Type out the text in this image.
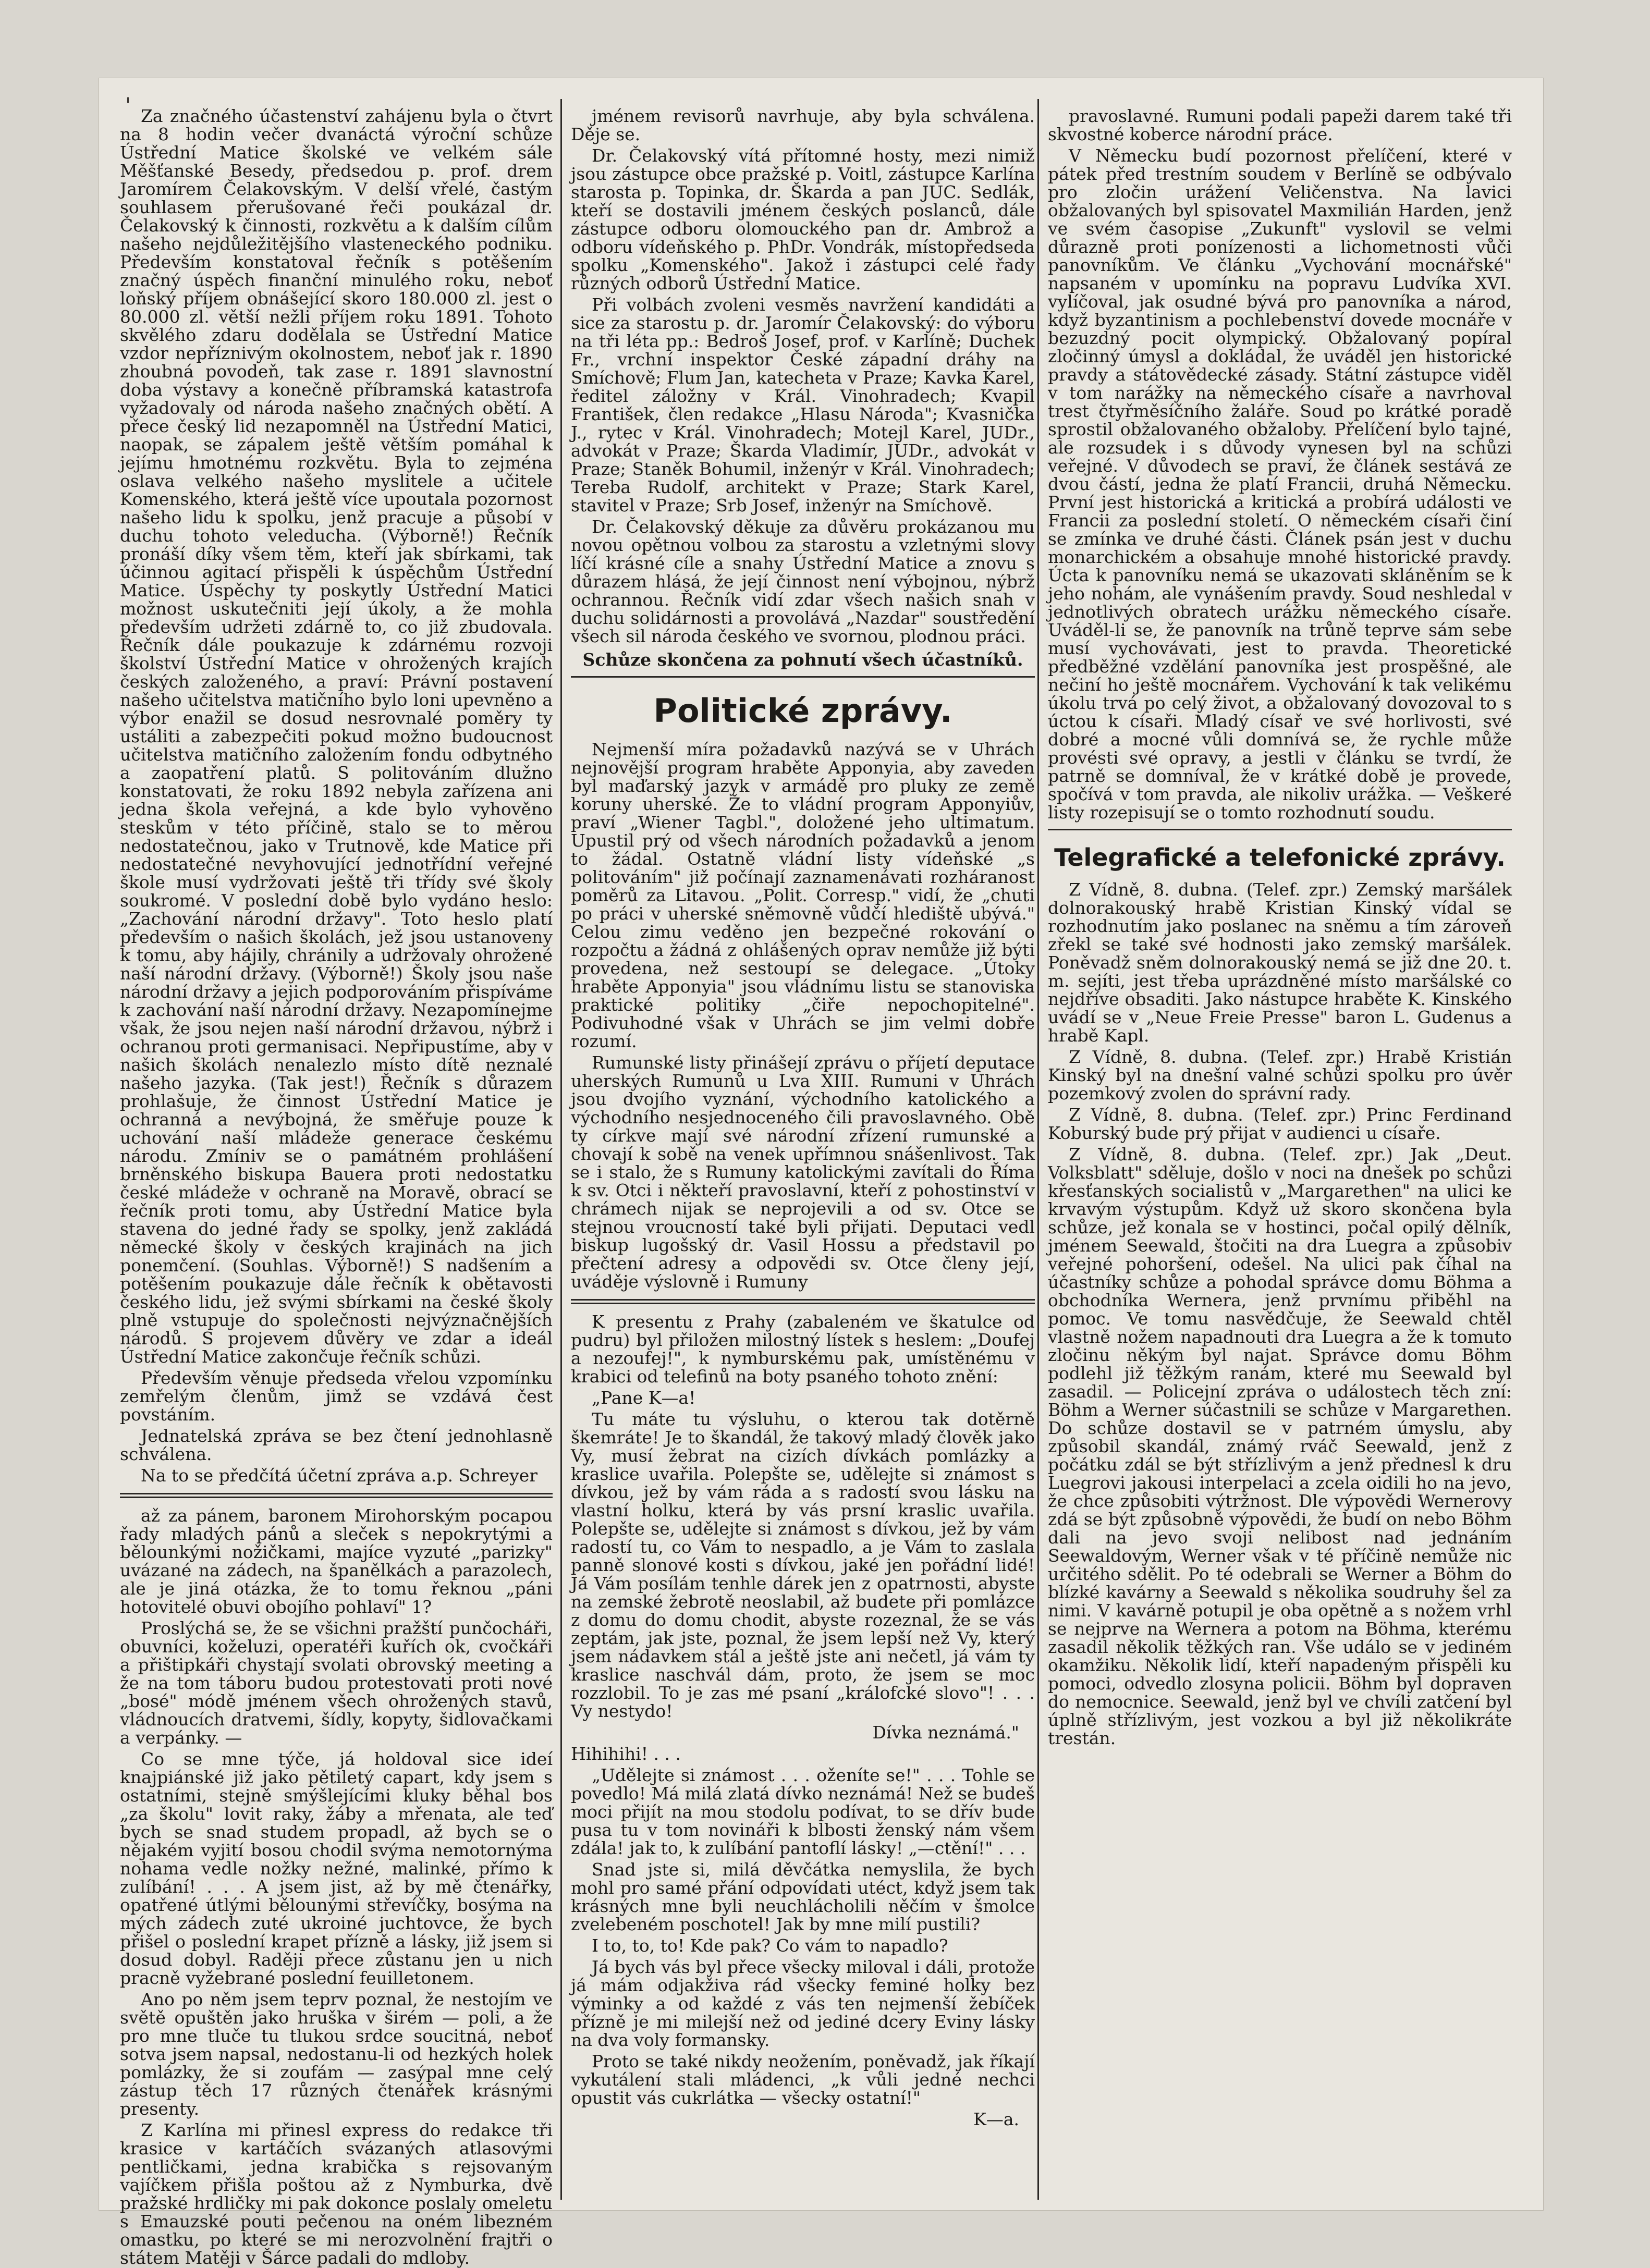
' Za značného účastenství zahájenu byla o čtvrt na 8 hodin večer dvanáctá výroční schůze Ústřední Matice školské ve velkém sále Měšťanské Besedy, předsedou p. prof. drem Jaromírem Čelakovským. V delší vřelé, častým souhlasem přerušované řeči poukázal dr. Čelakovský k činnosti, rozkvětu a k dalším cílům našeho nejdůležitějšího vlasteneckého podniku. Především konstatoval řečník s potěšením značný úspěch finanční minulého roku, neboť loňský příjem obnášející skoro 180.000 zl. jest o 80.000 zl. větší nežli příjem roku 1891. Tohoto skvělého zdaru dodělala se Ústřední Matice vzdor nepříznivým okolnostem, neboť jak r. 1890 zhoubná povodeň, tak zase r. 1891 slavnostní doba výstavy a konečně příbramská katastrofa vyžadovaly od národa našeho značných obětí. A přece český lid nezapomněl na Ústřední Matici, naopak, se zápalem ještě větším pomáhal k jejímu hmotnému rozkvětu. Byla to zejména oslava velkého našeho myslitele a učitele Komenského, která ještě více upoutala pozornost našeho lidu k spolku, jenž pracuje a působí v duchu tohoto veleducha. (Výborně!) Řečník pronáší díky všem těm, kteří jak sbírkami, tak účinnou agitací přispěli k úspěchům Ústřední Matice. Úspěchy ty poskytly Ústřední Matici možnost uskutečniti její úkoly, a že mohla především udržeti zdárně to, co již zbudovala. Řečník dále poukazuje k zdárnému rozvoji školství Ústřední Matice v ohrožených krajích českých založeného, a praví: Právní postavení našeho učitelstva matičního bylo loni upevněno a výbor enažil se dosud nesrovnalé poměry ty ustáliti a zabezpečiti pokud možno budoucnost učitelstva matičního založením fondu odbytného a zaopatření platů. S politováním dlužno konstatovati, že roku 1892 nebyla zařízena ani jedna škola veřejná, a kde bylo vyhověno steskům v této příčině, stalo se to měrou nedostatečnou, jako v Trutnově, kde Matice při nedostatečné nevyhovující jednotřídní veřejné škole musí vydržovati ještě tři třídy své školy soukromé. V poslední době bylo vydáno heslo: „Zachování národní državy". Toto heslo platí především o našich školách, jež jsou ustanoveny k tomu, aby hájily, chránily a udržovaly ohrožené naší národní državy. (Výborně!) Školy jsou naše národní državy a jejich podporováním přispíváme k zachování naší národní državy. Nezapomínejme však, že jsou nejen naší národní državou, nýbrž i ochranou proti germanisaci. Nepřipustíme, aby v našich školách nenalezlo místo dítě neznalé našeho jazyka. (Tak jest!) Řečník s důrazem prohlašuje, že činnost Ústřední Matice je ochranná a nevýbojná, že směřuje pouze k uchování naší mládeže generace českému národu. Zmíniv se o památném prohlášení brněnského biskupa Bauera proti nedostatku české mládeže v ochraně na Moravě, obrací se řečník proti tomu, aby Ústřední Matice byla stavena do jedné řady se spolky, jenž zakládá německé školy v českých krajinách na jich ponemčení. (Souhlas. Výborně!) S nadšením a potěšením poukazuje dále řečník k obětavosti českého lidu, jež svými sbírkami na české školy plně vstupuje do společnosti nejvýznačnějších národů. S projevem důvěry ve zdar a ideál Ústřední Matice zakončuje řečník schůzi.

Především věnuje předseda vřelou vzpomínku zemřelým členům, jimž se vzdává čest povstáním.

Jednatelská zpráva se bez čtení jednohlasně schválena.

Na to se předčítá účetní zpráva a.p. Schreyer

až za pánem, baronem Mirohorským pocapou řady mladých pánů a sleček s nepokrytými a bělounkými nožičkami, majíce vyzuté „parizky" uvázané na zádech, na španělkách a parazolech, ale je jiná otázka, že to tomu řeknou „páni hotovitelé obuvi obojího pohlaví" 1?

Proslýchá se, že se všichni pražští punčocháři, obuvníci, koželuzi, operatéři kuřích ok, cvočkáři a přištipkáři chystají svolati obrovský meeting a že na tom táboru budou protestovati proti nové „bosé" módě jménem všech ohrožených stavů, vládnoucích dratvemi, šídly, kopyty, šidlovačkami a verpánky. —

Co se mne týče, já holdoval sice ideí knajpiánské již jako pětiletý capart, kdy jsem s ostatními, stejně smýšlejícími kluky běhal bos „za školu" lovit raky, žáby a mřenata, ale teď bych se snad studem propadl, až bych se o nějakém vyjití bosou chodil svýma nemotornýma nohama vedle nožky nežné, malinké, přímo k zulíbání! . . . A jsem jist, až by mě čtenářky, opatřené útlými bělounými střevíčky, bosýma na mých zádech zuté ukroiné juchtovce, že bych přišel o poslední krapet přízně a lásky, již jsem si dosud dobyl. Raději přece zůstanu jen u nich pracně vyžebrané poslední feuilletonem.

Ano po něm jsem teprv poznal, že nestojím ve světě opuštěn jako hruška v širém — poli, a že pro mne tluče tu tlukou srdce soucitná, neboť sotva jsem napsal, nedostanu-li od hezkých holek pomlázky, že si zoufám — zasýpal mne celý zástup těch 17 různých čtenářek krásnými presenty.

Z Karlína mi přinesl express do redakce tři krasice v kartáčích svázaných atlasovými pentličkami, jedna krabička s rejsovaným vajíčkem přišla poštou až z Nymburka, dvě pražské hrdličky mi pak dokonce poslaly omeletu s Emauzské pouti pečenou na oném libezném omastku, po které se mi nerozvolnění frajtři o státem Matěji v Šárce padali do mdloby.

jménem revisorů navrhuje, aby byla schválena. Děje se.

Dr. Čelakovský vítá přítomné hosty, mezi nimiž jsou zástupce obce pražské p. Voitl, zástupce Karlína starosta p. Topinka, dr. Škarda a pan JUC. Sedlák, kteří se dostavili jménem českých poslanců, dále zástupce odboru olomouckého pan dr. Ambrož a odboru vídeňského p. PhDr. Vondrák, místopředseda spolku „Komenského". Jakož i zástupci celé řady různých odborů Ústřední Matice.

Při volbách zvoleni vesměs navržení kandidáti a sice za starostu p. dr. Jaromír Čelakovský: do výboru na tři léta pp.: Bedroš Josef, prof. v Karlíně; Duchek Fr., vrchní inspektor České západní dráhy na Smíchově; Flum Jan, katecheta v Praze; Kavka Karel, ředitel záložny v Král. Vinohradech; Kvapil František, člen redakce „Hlasu Národa"; Kvasnička J., rytec v Král. Vinohradech; Motejl Karel, JUDr., advokát v Praze; Škarda Vladimír, JUDr., advokát v Praze; Staněk Bohumil, inženýr v Král. Vinohradech; Tereba Rudolf, architekt v Praze; Stark Karel, stavitel v Praze; Srb Josef, inženýr na Smíchově.

Dr. Čelakovský děkuje za důvěru prokázanou mu novou opětnou volbou za starostu a vzletnými slovy líčí krásné cíle a snahy Ústřední Matice a znovu s důrazem hlásá, že její činnost není výbojnou, nýbrž ochrannou. Řečník vidí zdar všech našich snah v duchu solidárnosti a provolává „Nazdar" soustředění všech sil národa českého ve svornou, plodnou práci.

Schůze skončena za pohnutí všech účastníků.

Politické zprávy.

Nejmenší míra požadavků nazývá se v Uhrách nejnovější program hraběte Apponyia, aby zaveden byl maďarský jazyk v armádě pro pluky ze země koruny uherské. Že to vládní program Apponyiův, praví „Wiener Tagbl.", doložené jeho ultimatum. Upustil prý od všech národních požadavků a jenom to žádal. Ostatně vládní listy vídeňské „s politováním" již počínají zaznamenávati rozháranost poměrů za Litavou. „Polit. Corresp." vidí, že „chuti po práci v uherské sněmovně vůdčí hlediště ubývá." Celou zimu veděno jen bezpečné rokování o rozpočtu a žádná z ohlášených oprav nemůže již býti provedena, než sestoupí se delegace. „Útoky hraběte Apponyia" jsou vládnímu listu se stanoviska praktické politiky „čiře nepochopitelné". Podivuhodné však v Uhrách se jim velmi dobře rozumí.

Rumunské listy přinášejí zprávu o příjetí deputace uherských Rumunů u Lva XIII. Rumuni v Uhrách jsou dvojího vyznání, východního katolického a východního nesjednoceného čili pravoslavného. Obě ty církve mají své národní zřízení rumunské a chovají k sobě na venek upřímnou snášenlivost. Tak se i stalo, že s Rumuny katolickými zavítali do Říma k sv. Otci i někteří pravoslavní, kteří z pohostinství v chrámech nijak se neprojevili a od sv. Otce se stejnou vroucností také byli přijati. Deputaci vedl biskup lugošský dr. Vasil Hossu a představil po přečtení adresy a odpovědi sv. Otce členy její, uváděje výslovně i Rumuny

K presentu z Prahy (zabaleném ve škatulce od pudru) byl přiložen milostný lístek s heslem: „Doufej a nezoufej!", k nymburskému pak, umístěnému v krabici od telefinů na boty psaného tohoto znění:

„Pane K—a!

Tu máte tu výsluhu, o kterou tak dotěrně škemráte! Je to škandál, že takový mladý člověk jako Vy, musí žebrat na cizích dívkách pomlázky a kraslice uvařila. Polepšte se, udělejte si známost s dívkou, jež by vám ráda a s radostí svou lásku na vlastní holku, která by vás prsní kraslic uvařila. Polepšte se, udělejte si známost s dívkou, jež by vám radostí tu, co Vám to nespadlo, a je Vám to zaslala panně slonové kosti s dívkou, jaké jen pořádní lidé! Já Vám posílám tenhle dárek jen z opatrnosti, abyste na zemské žebrotě neoslabil, až budete při pomlázce z domu do domu chodit, abyste rozeznal, že se vás zeptám, jak jste, poznal, že jsem lepší než Vy, který jsem nádavkem stál a ještě jste ani nečetl, já vám ty kraslice naschvál dám, proto, že jsem se moc rozzlobil. To je zas mé psaní „králofcké slovo"! . . . Vy nestydo!

Dívka neznámá."

Hihihihi! . . .

„Udělejte si známost . . . oženíte se!" . . . Tohle se povedlo! Má milá zlatá dívko neznámá! Než se budeš moci přijít na mou stodolu podívat, to se dřív bude pusa tu v tom novináři k blbosti ženský nám všem zdála! jak to, k zulíbání pantoflí lásky! „—ctění!" . . .

Snad jste si, milá děvčátka nemyslila, že bych mohl pro samé přání odpovídati utéct, když jsem tak krásných mne byli neuchlácholili něčím v šmolce zvelebeném poschotel! Jak by mne milí pustili?

I to, to, to! Kde pak? Co vám to napadlo?

Já bych vás byl přece všecky miloval i dáli, protože já mám odjakživa rád všecky feminé holky bez výminky a od každé z vás ten nejmenší žebíček přízně je mi milejší než od jediné dcery Eviny lásky na dva voly formansky.

Proto se také nikdy neožením, poněvadž, jak říkají vykutálení stali mládenci, „k vůli jedné nechci opustit vás cukrlátka — všecky ostatní!"

K—a.

pravoslavné. Rumuni podali papeži darem také tři skvostné koberce národní práce.

V Německu budí pozornost přelíčení, které v pátek před trestním soudem v Berlíně se odbývalo pro zločin urážení Veličenstva. Na lavici obžalovaných byl spisovatel Maxmilián Harden, jenž ve svém časopise „Zukunft" vyslovil se velmi důrazně proti ponízenosti a lichometnosti vůči panovníkům. Ve článku „Vychování mocnářské" napsaném v upomínku na popravu Ludvíka XVI. vylíčoval, jak osudné bývá pro panovníka a národ, když byzantinism a pochlebenství dovede mocnáře v bezuzdný pocit olympický. Obžalovaný popíral zločinný úmysl a dokládal, že uváděl jen historické pravdy a státovědecké zásady. Státní zástupce viděl v tom narážky na německého císaře a navrhoval trest čtyřměsíčního žaláře. Soud po krátké poradě sprostil obžalovaného obžaloby. Přelíčení bylo tajné, ale rozsudek i s důvody vynesen byl na schůzi veřejné. V důvodech se praví, že článek sestává ze dvou částí, jedna že platí Francii, druhá Německu. První jest historická a kritická a probírá události ve Francii za poslední století. O německém císaři činí se zmínka ve druhé části. Článek psán jest v duchu monarchickém a obsahuje mnohé historické pravdy. Úcta k panovníku nemá se ukazovati skláněním se k jeho nohám, ale vynášením pravdy. Soud neshledal v jednotlivých obratech urážku německého císaře. Uváděl-li se, že panovník na trůně teprve sám sebe musí vychovávati, jest to pravda. Theoretické předběžné vzdělání panovníka jest prospěšné, ale nečiní ho ještě mocnářem. Vychování k tak velikému úkolu trvá po celý život, a obžalovaný dovozoval to s úctou k císaři. Mladý císař ve své horlivosti, své dobré a mocné vůli domnívá se, že rychle může provésti své opravy, a jestli v článku se tvrdí, že patrně se domníval, že v krátké době je provede, spočívá v tom pravda, ale nikoliv urážka. — Veškeré listy rozepisují se o tomto rozhodnutí soudu.

Telegrafické a telefonické zprávy.

Z Vídně, 8. dubna. (Telef. zpr.) Zemský maršálek dolnorakouský hrabě Kristian Kinský vídal se rozhodnutím jako poslanec na sněmu a tím zároveň zřekl se také své hodnosti jako zemský maršálek. Poněvadž sněm dolnorakouský nemá se již dne 20. t. m. sejíti, jest třeba uprázdněné místo maršálské co nejdříve obsaditi. Jako nástupce hraběte K. Kinského uvádí se v „Neue Freie Presse" baron L. Gudenus a hrabě Kapl.

Z Vídně, 8. dubna. (Telef. zpr.) Hrabě Kristián Kinský byl na dnešní valné schůzi spolku pro úvěr pozemkový zvolen do správní rady.

Z Vídně, 8. dubna. (Telef. zpr.) Princ Ferdinand Koburský bude prý přijat v audienci u císaře.

Z Vídně, 8. dubna. (Telef. zpr.) Jak „Deut. Volksblatt" sděluje, došlo v noci na dnešek po schůzi křesťanských socialistů v „Margarethen" na ulici ke krvavým výstupům. Když už skoro skončena byla schůze, jež konala se v hostinci, počal opilý dělník, jménem Seewald, štočiti na dra Luegra a způsobiv veřejné pohoršení, odešel. Na ulici pak číhal na účastníky schůze a pohodal správce domu Böhma a obchodníka Wernera, jenž prvnímu přiběhl na pomoc. Ve tomu nasvědčuje, že Seewald chtěl vlastně nožem napadnouti dra Luegra a že k tomuto zločinu někým byl najat. Správce domu Böhm podlehl již těžkým ranám, které mu Seewald byl zasadil. — Policejní zpráva o událostech těch zní: Böhm a Werner súčastnili se schůze v Margarethen. Do schůze dostavil se v patrném úmyslu, aby způsobil skandál, známý rváč Seewald, jenž z počátku zdál se být střízlivým a jenž přednesl k dru Luegrovi jakousi interpelaci a zcela oidili ho na jevo, že chce způsobiti výtržnost. Dle výpovědi Wernerovy zdá se být způsobně výpovědi, že budí on nebo Böhm dali na jevo svoji nelibost nad jednáním Seewaldovým, Werner však v té příčině nemůže nic určitého sdělit. Po té odebrali se Werner a Böhm do blízké kavárny a Seewald s několika soudruhy šel za nimi. V kavárně potupil je oba opětně a s nožem vrhl se nejprve na Wernera a potom na Böhma, kterému zasadil několik těžkých ran. Vše událo se v jediném okamžiku. Několik lidí, kteří napadeným přispěli ku pomoci, odvedlo zlosyna policii. Böhm byl dopraven do nemocnice. Seewald, jenž byl ve chvíli zatčení byl úplně střízlivým, jest vozkou a byl již několikráte trestán.
